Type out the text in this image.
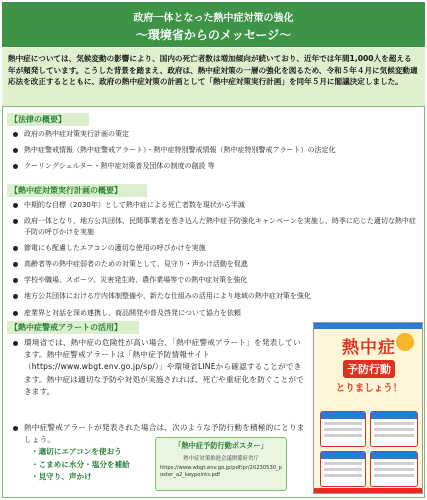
政府一体となった熱中症対策の強化
〜環境省からのメッセージ〜
熱中症については、気候変動の影響により、国内の死亡者数は増加傾向が続いており、近年では年間1,000人を超える年が頻発しています。こうした背景を踏まえ、政府は、熱中症対策の一層の強化を図るため、令和５年４月に気候変動適応法を改正するとともに、政府の熱中症対策の計画として「熱中症対策実行計画」を同年５月に閣議決定しました。
【法律の概要】
政府の熱中症対策実行計画の策定
熱中症警戒情報（熱中症警戒アラート）・熱中症特別警戒情報（熱中症特別警戒アラート）の法定化
クーリングシェルター・熱中症対策普及団体の制度の創設 等
【熱中症対策実行計画の概要】
中期的な目標（2030年）として熱中症による死亡者数を現状から半減
政府一体となり、地方公共団体、民間事業者を巻き込んだ熱中症予防強化キャンペーンを実施し、時季に応じた適切な熱中症予防の呼びかけを実施
節電にも配慮したエアコンの適切な使用の呼びかけを実施
高齢者等の熱中症弱者のための対策として、見守り・声かけ活動を促進
学校や職場、スポーツ、災害発生時、農作業場等での熱中症対策を強化
地方公共団体における庁内体制整備や、新たな仕組みの活用により地域の熱中症対策を強化
産業界と対話を深め連携し、商品開発や普及啓発について協力を依頼
【熱中症警戒アラートの活用】
環境省では、熱中症の危険性が高い場合、「熱中症警戒アラート」を発表しています。熱中症警戒アラートは「熱中症予防情報サイト（https://www.wbgt.env.go.jp/sp/）」や環境省LINEから確認することができます。熱中症は適切な予防や対処が実施されれば、死亡や重症化を防ぐことができます。
熱中症警戒アラートが発表された場合は、次のような予防行動を積極的にとりましょう。
・適切にエアコンを使おう
・こまめに水分・塩分を補給
・見守り、声かけ
「熱中症予防行動ポスター」
熱中症対策推進会議関係府省庁
https://www.wbgt.env.go.jp/pdf/pr/20230530_poster_a2_keypoints.pdf
熱中症
予防行動
とりましょう！
